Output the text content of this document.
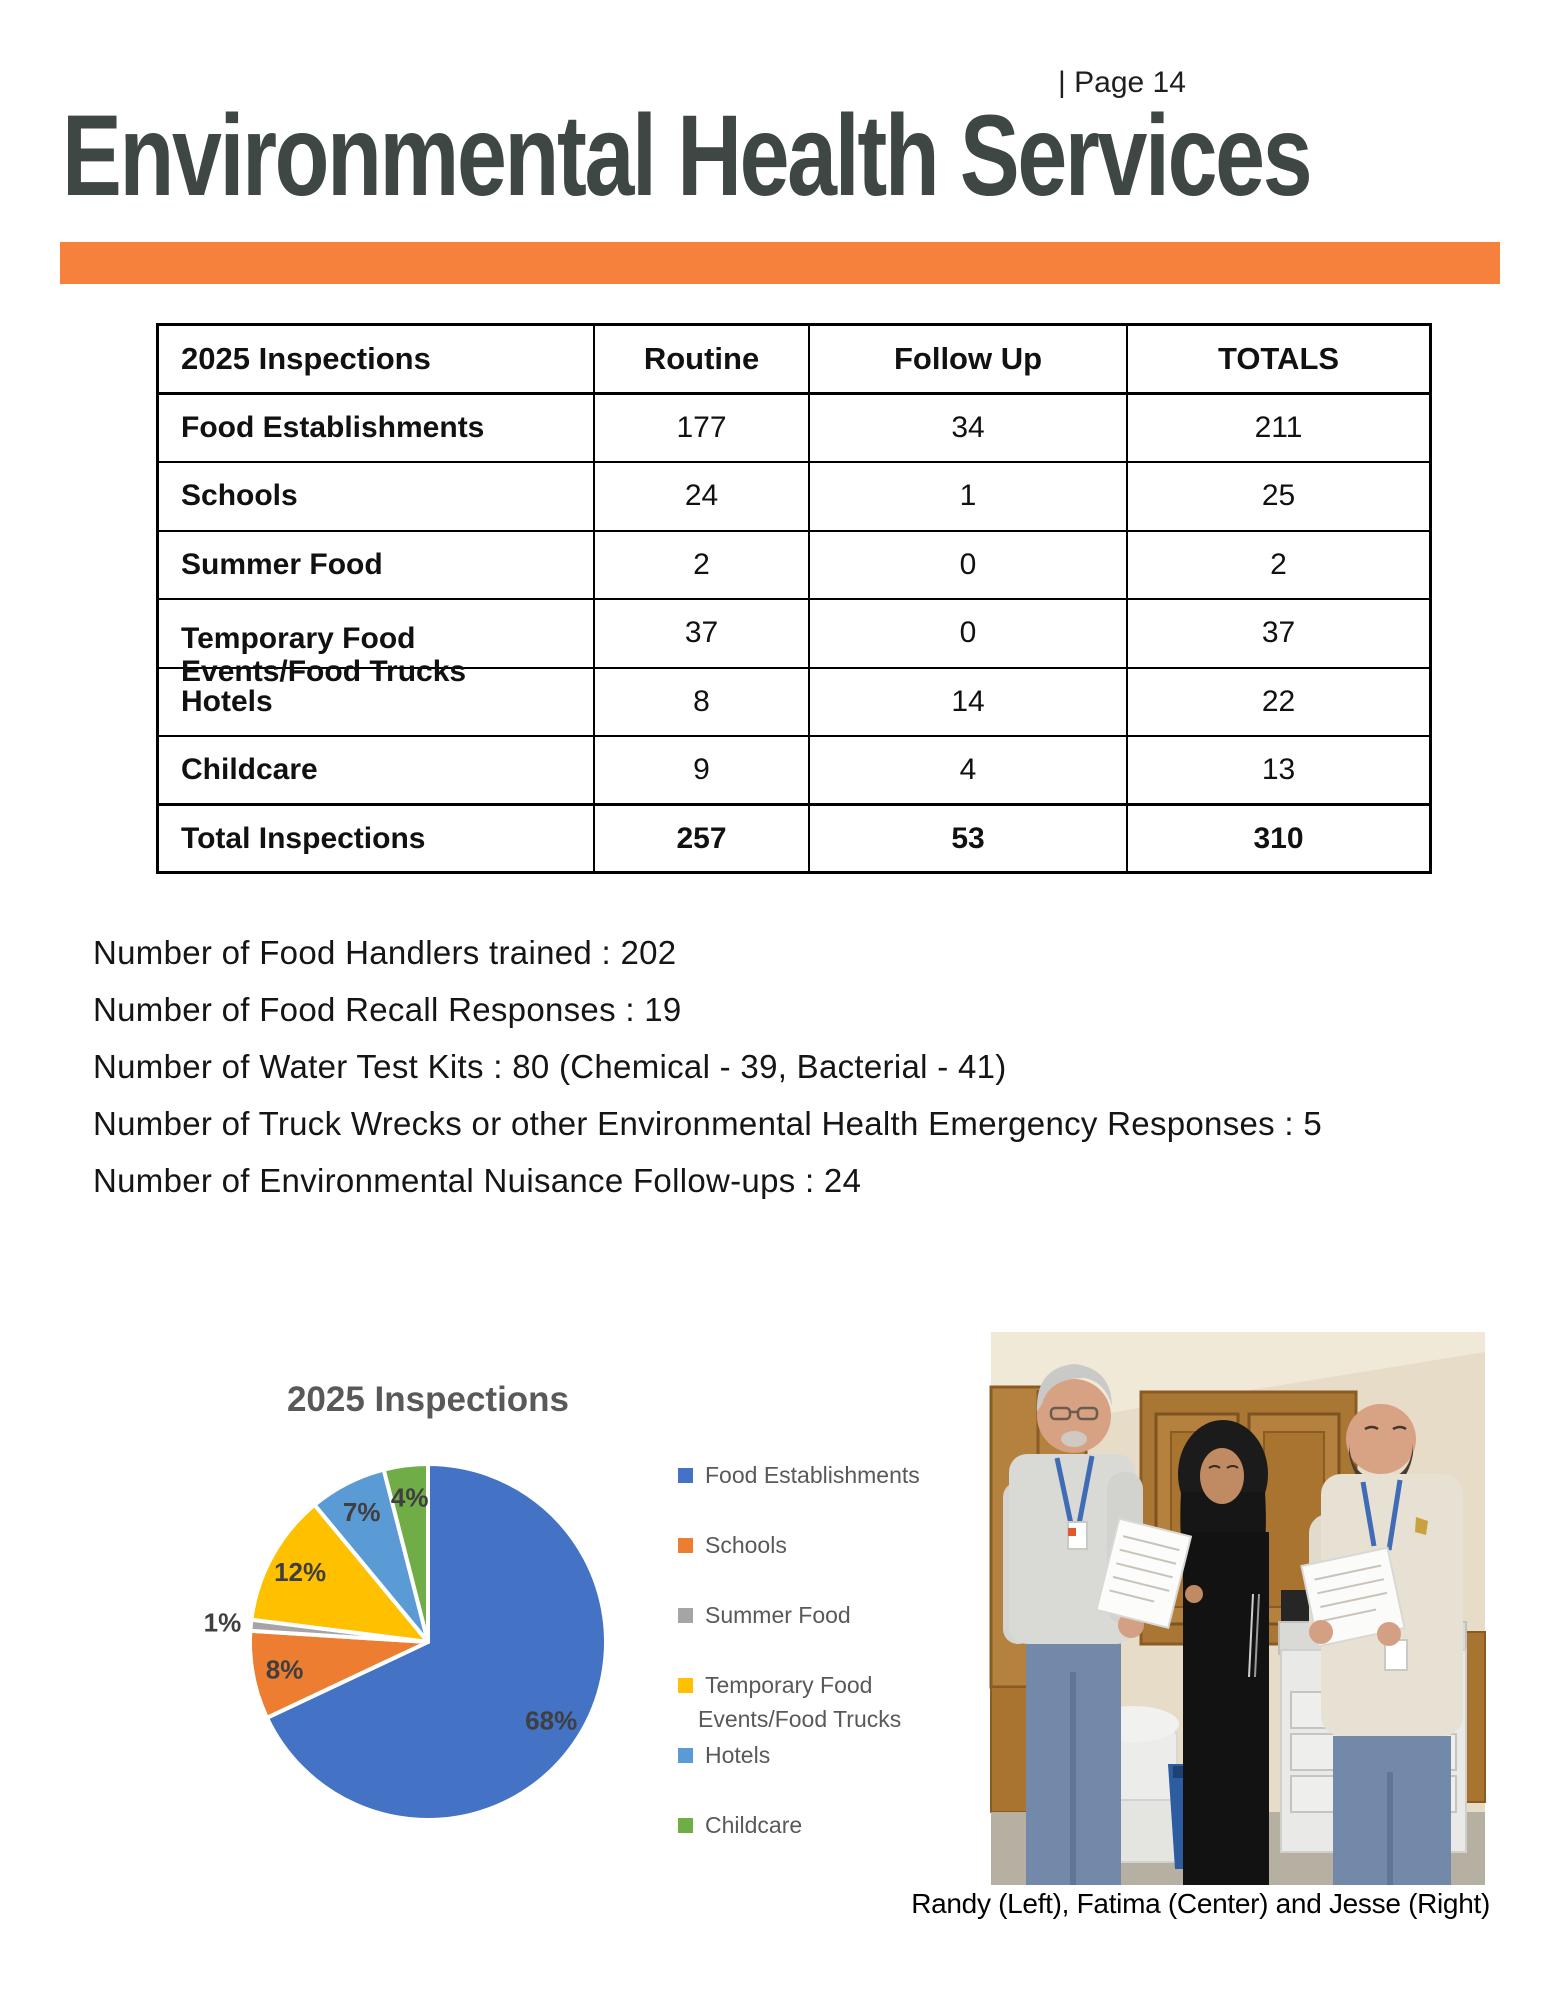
| Page 14
Environmental Health Services
2025 Inspections	Routine	Follow Up	TOTALS
Food Establishments	177	34	211
Schools	24	1	25
Summer Food	2	0	2

Temporary Food
Events/Food Trucks	37	0	37
Hotels	8	14	22
Childcare	9	4	13
Total Inspections	257	53	310
Number of Food Handlers trained : 202
Number of Food Recall Responses : 19
Number of Water Test Kits : 80 (Chemical - 39, Bacterial - 41)
Number of Truck Wrecks or other Environmental Health Emergency Responses : 5
Number of Environmental Nuisance Follow-ups : 24
2025 Inspections
68%
8%
1%
12%
7% 4%
Food Establishments
Schools
Summer Food
Temporary Food
Events/Food Trucks
Hotels
Childcare
Randy (Left), Fatima (Center) and Jesse (Right)
